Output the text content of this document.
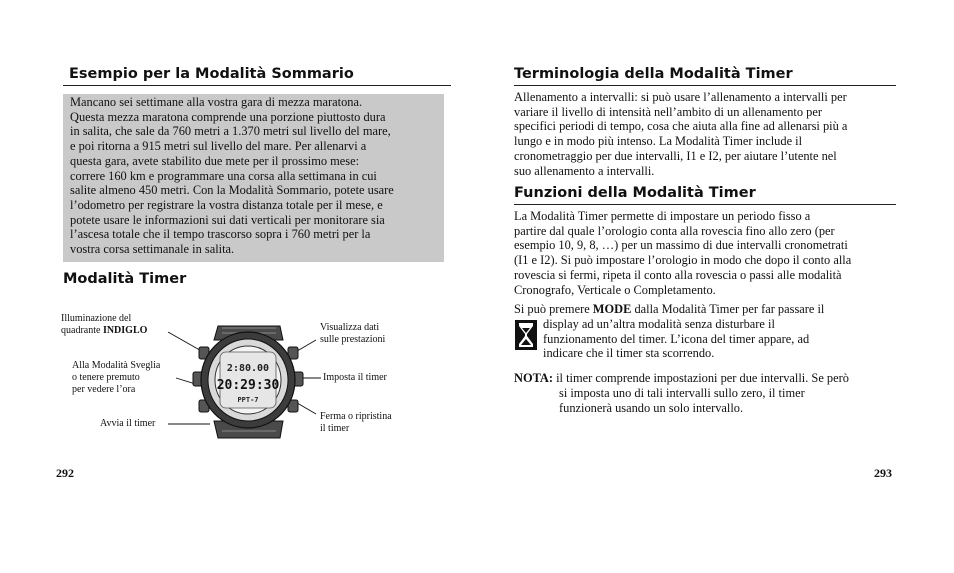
Esempio per la Modalità Sommario
Mancano sei settimane alla vostra gara di mezza maratona.
Questa mezza maratona comprende una porzione piuttosto dura
in salita, che sale da 760 metri a 1.370 metri sul livello del mare,
e poi ritorna a 915 metri sul livello del mare. Per allenarvi a
questa gara, avete stabilito due mete per il prossimo mese:
correre 160 km e programmare una corsa alla settimana in cui
salite almeno 450 metri. Con la Modalità Sommario, potete usare
l’odometro per registrare la vostra distanza totale per il mese, e
potete usare le informazioni sui dati verticali per monitorare sia
l’ascesa totale che il tempo trascorso sopra i 760 metri per la
vostra corsa settimanale in salita.
Modalità Timer
2:80.00
20:29:30
PPT-7
Illuminazione del
quadrante INDIGLO
Alla Modalità Sveglia
o tenere premuto
per vedere l’ora
Avvia il timer
Visualizza dati
sulle prestazioni
Imposta il timer
Ferma o ripristina
il timer
292
Terminologia della Modalità Timer
Allenamento a intervalli: si può usare l’allenamento a intervalli per
variare il livello di intensità nell’ambito di un allenamento per
specifici periodi di tempo, cosa che aiuta alla fine ad allenarsi più a
lungo e in modo più intenso. La Modalità Timer include il
cronometraggio per due intervalli, I1 e I2, per aiutare l’utente nel
suo allenamento a intervalli.
Funzioni della Modalità Timer
La Modalità Timer permette di impostare un periodo fisso a
partire dal quale l’orologio conta alla rovescia fino allo zero (per
esempio 10, 9, 8, …) per un massimo di due intervalli cronometrati
(I1 e I2). Si può impostare l’orologio in modo che dopo il conto alla
rovescia si fermi, ripeta il conto alla rovescia o passi alle modalità
Cronografo, Verticale o Completamento.
Si può premere MODE dalla Modalità Timer per far passare il
display ad un’altra modalità senza disturbare il
funzionamento del timer. L’icona del timer appare, ad
indicare che il timer sta scorrendo.
NOTA: il timer comprende impostazioni per due intervalli. Se però
si imposta uno di tali intervalli sullo zero, il timer
funzionerà usando un solo intervallo.
293
